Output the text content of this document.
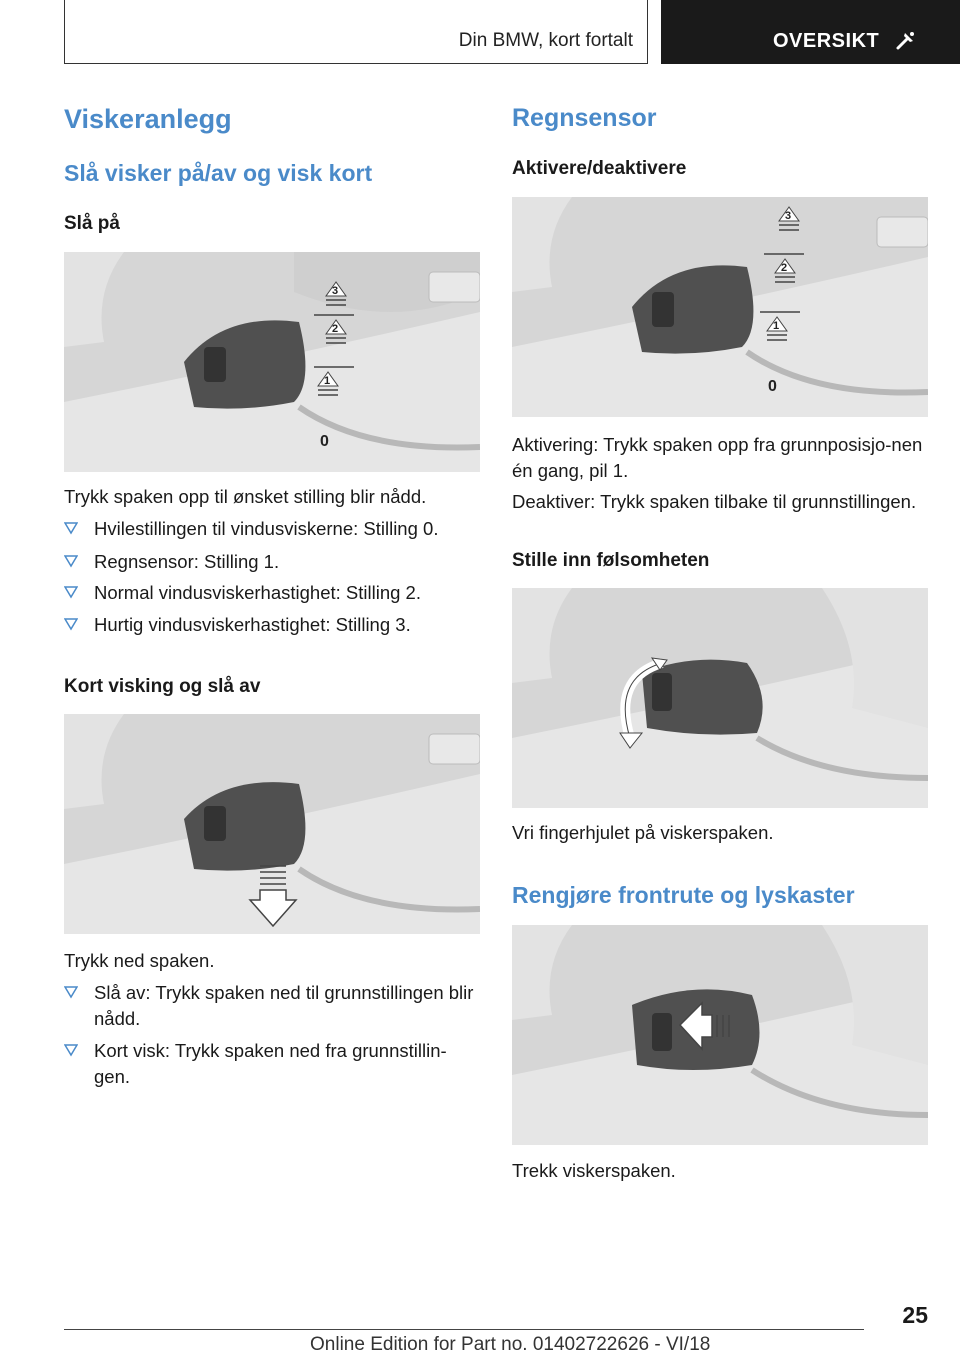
Din BMW, kort fortalt	OVERSIKT
Viskeranlegg
Slå visker på/av og visk kort
Slå på
3
2
1
0
Trykk spaken opp til ønsket stilling blir nådd.
Hvilestillingen til vindusviskerne: Stilling 0.
Regnsensor: Stilling 1.
Normal vindusviskerhastighet: Stilling 2.
Hurtig vindusviskerhastighet: Stilling 3.
Kort visking og slå av
Trykk ned spaken.
Slå av: Trykk spaken ned til grunnstillingen blir nådd.
Kort visk: Trykk spaken ned fra grunnstillin-gen.
Regnsensor
Aktivere/deaktivere
3
2
1
0
Aktivering: Trykk spaken opp fra grunnposisjo-nen én gang, pil 1.
Deaktiver: Trykk spaken tilbake til grunnstillingen.
Stille inn følsomheten
Vri fingerhjulet på viskerspaken.
Rengjøre frontrute og lyskaster
Trekk viskerspaken.
25
Online Edition for Part no. 01402722626 - VI/18
